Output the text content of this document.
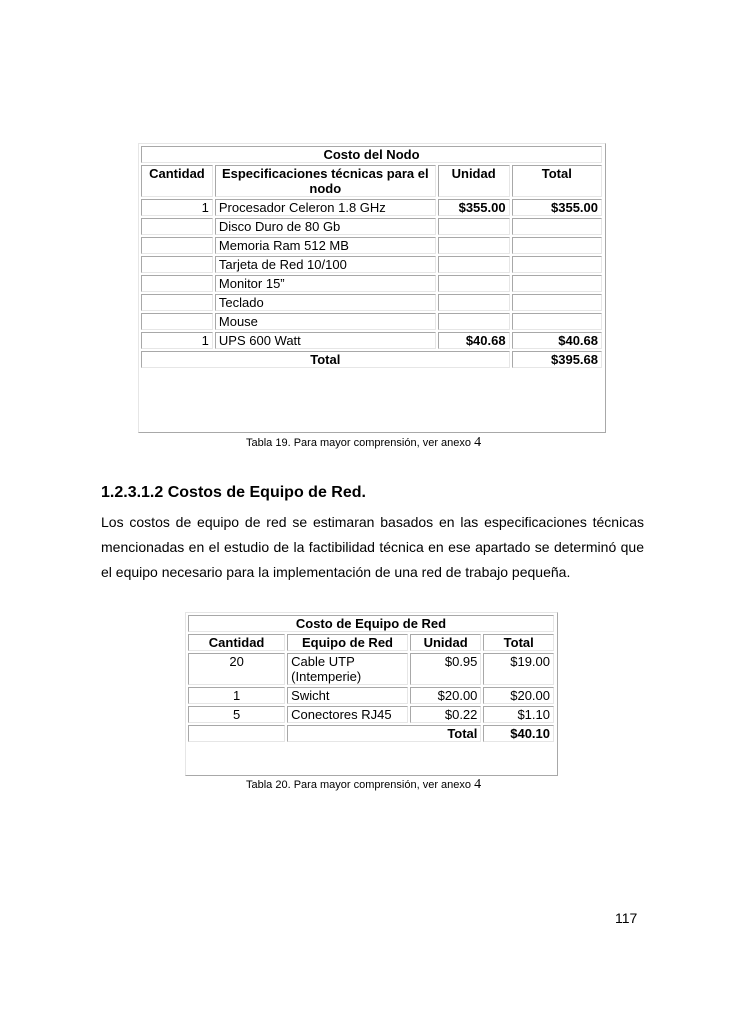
Costo del Nodo			
Cantidad	Especificaciones técnicas para el nodo	Unidad	Total
1	Procesador Celeron 1.8 GHz	$355.00	$355.00
	Disco Duro de 80 Gb		
	Memoria Ram 512 MB		
	Tarjeta de Red 10/100		
	Monitor 15”		
	Teclado		
	Mouse		
1	UPS 600 Watt	$40.68	$40.68
Total			$395.68
Tabla 19. Para mayor comprensión, ver anexo 4
1.2.3.1.2 Costos de Equipo de Red.

Los costos de equipo de red se estimaran basados en las especificaciones técnicas mencionadas en el estudio de la factibilidad técnica en ese apartado se determinó que el equipo necesario para la implementación de una red de trabajo pequeña.

Costo de Equipo de Red			
Cantidad	Equipo de Red	Unidad	Total
20	Cable UTP (Intemperie)	$0.95	$19.00
1	Swicht	$20.00	$20.00
5	Conectores RJ45	$0.22	$1.10
	Total		$40.10
Tabla 20. Para mayor comprensión, ver anexo 4
117
